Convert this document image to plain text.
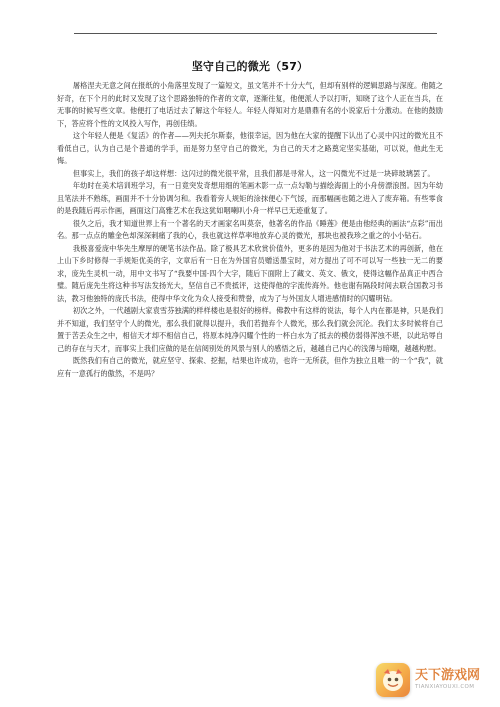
坚守自己的微光（57）

屠格涅夫无意之间在报纸的小角落里发现了一篇短文，虽文笔并不十分大气，但却有别样的逻辑思路与深度。他随之好奇，在下个月的此时又发现了这个思路独特的作者的文章，逐渐往复，他便派人予以打听，知晓了这个人正在当兵，在无事的时候写些文章。他便打了电话过去了解这个年轻人。年轻人得知对方是鼎鼎有名的小说家后十分激动。在他的鼓励下，答应将个性的文风投入写作，再创佳绩。

这个年轻人便是《复活》的作者——列夫托尔斯泰，他很幸运，因为他在大家的提醒下认出了心灵中闪过的微光且不看低自己，认为自己是个普通的学手，而是努力坚守自己的微光，为自己的天才之路奠定坚实基础，可以说，他此生无悔。

但事实上，我们的孩子却这样想：这闪过的微光很平常，且我们都是寻常人，这一闪微光不过是一块碎玻璃罢了。

年幼时在美术培训班学习，有一日竟突发奇想用细的笔画木影一点一点勾勒与描绘海面上的小舟傍漂浪图。因为年幼且笔法并不熟练，画面并不十分协调匀和。我看着旁人规矩的涂抹便心下气馁，而那幅画也随之进入了废弃箱。有些零食的是我随后再示作画，画面这门高雅艺术在我这犹如咽喇叭小舟一样早已无迹重复了。

很久之后，我才知道世界上有一个著名的天才画家名叫莫奈，他著名的作品《睡莲》便是由他经典的画法“点彩”而出名。那一点点的雕金色却深深刺痛了我的心，我也就这样草率地放弃心灵的微光，那块也被我珍之重之的小小钻石。

我极喜爱庞中华先生摩厚的硬笔书法作品。除了极具艺术欣赏价值外，更多的是因为他对于书法艺术的再创新，他在上山下乡时修得一手规矩优美的字，文章后有一日在为外国官员赠送墨宝时，对方提出了可不可以写一些独一无二的要求，庞先生灵机一动，用中文书写了“我要中国·四个大字，随后下面附上了藏文、英文、俄文，使得这幅作品真正中西合璧。随后庞先生将这种书写法发扬光大，坚信自己不贵抵评，这使得他的字流传海外。他也谢有隔段时间去联合国教习书法，教习他独特的庞氏书法，使得中华文化为众人接受和赞誉，成为了与外国友人增进感情时的闪耀明钻。

初次之外，一代越剧大家袁雪芬独满的样样楼也是很好的榜样。佛教中有这样的说法，每个人内在都是神，只是我们并不知道，我们坚守个人的微光，那么我们就得以提升，我们若抛弃个人微光，那么我们就会沉沦。我们太多时候将自己置于苦丢众生之中，相信天才却不相信自己，将原本纯净闪耀个性的一杯白水为了抵去的模仿弱得浑浊不堪，以此玷辱自己的存在与天才，而事实上我们应做的是在信阅别处的风景与别人的感悟之后，越越自己内心的浅薄与暗嘲，越越构慰。

既然我们有自己的微光，就应坚守、探索、挖掘，结果也许成功，也许一无所获，但作为独立且唯一的一个“我”，就应有一意孤行的傲然，不是吗？

天下游戏网
TIANXIAYOUXI.COM
